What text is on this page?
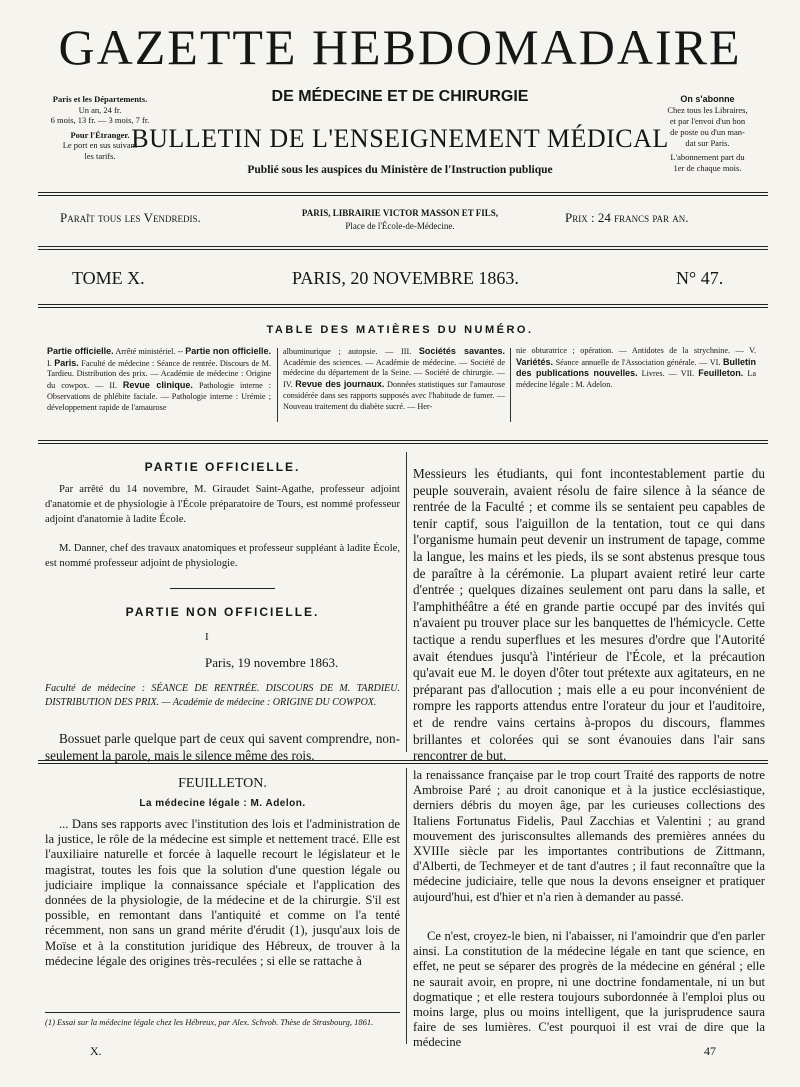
GAZETTE HEBDOMADAIRE
Paris et les Départements.
Un an, 24 fr.
6 mois, 13 fr. — 3 mois, 7 fr.
Pour l'Étranger.
Le port en sus suivant
les tarifs.
On s'abonne
Chez tous les Libraires,
et par l'envoi d'un bon
de poste ou d'un man-
dat sur Paris.
L'abonnement part du
1er de chaque mois.
DE MÉDECINE ET DE CHIRURGIE
BULLETIN DE L'ENSEIGNEMENT MÉDICAL
Publié sous les auspices du Ministère de l'Instruction publique
Paraît tous les Vendredis.	PARIS, LIBRAIRIE VICTOR MASSON ET FILS,
Place de l'École-de-Médecine.
Prix : 24 francs par an.
TOME X.	PARIS, 20 NOVEMBRE 1863.	N° 47.
TABLE DES MATIÈRES DU NUMÉRO.
Partie officielle. Arrêté ministériel. -- Partie non officielle. I. Paris. Faculté de médecine : Séance de rentrée. Discours de M. Tardieu. Distribution des prix. — Académie de médecine : Origine du cowpox. — II. Revue clinique. Pathologie interne : Observations de phlébite faciale. — Pathologie interne : Urémie ; développement rapide de l'amaurose
albuminurique ; autopsie. — III. Sociétés savantes. Académie des sciences. — Académie de médecine. — Société de médecine du département de la Seine. — Société de chirurgie. — IV. Revue des journaux. Données statistiques sur l'amaurose considérée dans ses rapports supposés avec l'habitude de fumer. — Nouveau traitement du diabète sucré. — Her-
nie obturatrice ; opération. — Antidotes de la strychnine. — V. Variétés. Séance annuelle de l'Association générale. — VI. Bulletin des publications nouvelles. Livres. — VII. Feuilleton. La médecine légale : M. Adelon.
PARTIE OFFICIELLE.
Par arrêté du 14 novembre, M. Giraudet Saint-Agathe, professeur adjoint d'anatomie et de physiologie à l'École préparatoire de Tours, est nommé professeur adjoint d'anatomie à ladite École.
M. Danner, chef des travaux anatomiques et professeur suppléant à ladite École, est nommé professeur adjoint de physiologie.
PARTIE NON OFFICIELLE.
I
Paris, 19 novembre 1863.
Faculté de médecine : SÉANCE DE RENTRÉE. DISCOURS DE M. TARDIEU. DISTRIBUTION DES PRIX. — Académie de médecine : ORIGINE DU COWPOX.
Bossuet parle quelque part de ceux qui savent comprendre, non-seulement la parole, mais le silence même des rois.
Messieurs les étudiants, qui font incontestablement partie du peuple souverain, avaient résolu de faire silence à la séance de rentrée de la Faculté ; et comme ils se sentaient peu capables de tenir captif, sous l'aiguillon de la tentation, tout ce qui dans l'organisme humain peut devenir un instrument de tapage, comme la langue, les mains et les pieds, ils se sont abstenus presque tous de paraître à la cérémonie. La plupart avaient retiré leur carte d'entrée ; quelques dizaines seulement ont paru dans la salle, et l'amphithéâtre a été en grande partie occupé par des invités qui n'avaient pu trouver place sur les banquettes de l'hémicycle. Cette tactique a rendu superflues et les mesures d'ordre que l'Autorité avait étendues jusqu'à l'intérieur de l'École, et la précaution qu'avait eue M. le doyen d'ôter tout prétexte aux agitateurs, en ne préparant pas d'allocution ; mais elle a eu pour inconvénient de rompre les rapports attendus entre l'orateur du jour et l'auditoire, et de rendre vains certains à-propos du discours, flammes brillantes et colorées qui se sont évanouies dans l'air sans rencontrer de but.
FEUILLETON.
La médecine légale : M. Adelon.
... Dans ses rapports avec l'institution des lois et l'administration de la justice, le rôle de la médecine est simple et nettement tracé. Elle est l'auxiliaire naturelle et forcée à laquelle recourt le législateur et le magistrat, toutes les fois que la solution d'une question légale ou judiciaire implique la connaissance spéciale et l'application des données de la physiologie, de la médecine et de la chirurgie. S'il est possible, en remontant dans l'antiquité et comme on l'a tenté récemment, non sans un grand mérite d'érudit (1), jusqu'aux lois de Moïse et à la constitution juridique des Hébreux, de trouver à la médecine légale des origines très-reculées ; si elle se rattache à
(1) Essai sur la médecine légale chez les Hébreux, par Alex. Schvob. Thèse de Strasbourg, 1861.
la renaissance française par le trop court Traité des rapports de notre Ambroise Paré ; au droit canonique et à la justice ecclésiastique, derniers débris du moyen âge, par les curieuses collections des Italiens Fortunatus Fidelis, Paul Zacchias et Valentini ; au grand mouvement des jurisconsultes allemands des premières années du XVIIIe siècle par les importantes contributions de Zittmann, d'Alberti, de Techmeyer et de tant d'autres ; il faut reconnaître que la médecine judiciaire, telle que nous la devons enseigner et pratiquer aujourd'hui, est d'hier et n'a rien à demander au passé.
Ce n'est, croyez-le bien, ni l'abaisser, ni l'amoindrir que d'en parler ainsi. La constitution de la médecine légale en tant que science, en effet, ne peut se séparer des progrès de la médecine en général ; elle ne saurait avoir, en propre, ni une doctrine fondamentale, ni un but dogmatique ; et elle restera toujours subordonnée à l'emploi plus ou moins large, plus ou moins intelligent, que la jurisprudence saura faire de ses lumières. C'est pourquoi il est vrai de dire que la médecine
X.	47
